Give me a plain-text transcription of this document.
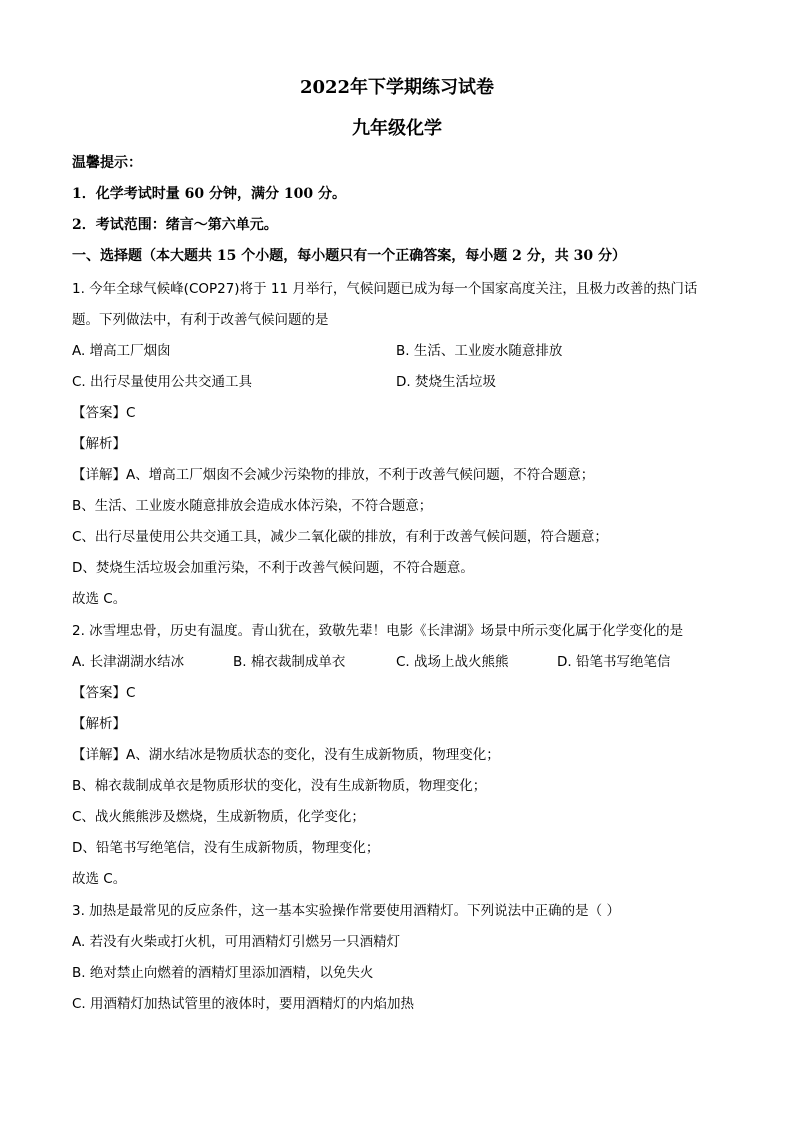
2022年下学期练习试卷
九年级化学
温馨提示：
1．化学考试时量 60 分钟，满分 100 分。
2．考试范围：绪言～第六单元。
一、选择题（本大题共 15 个小题，每小题只有一个正确答案，每小题 2 分，共 30 分）
1. 今年全球气候峰(COP27)将于 11 月举行，气候问题已成为每一个国家高度关注，且极力改善的热门话
题。下列做法中，有利于改善气候问题的是
A. 增高工厂烟囱	B. 生活、工业废水随意排放
C. 出行尽量使用公共交通工具	D. 焚烧生活垃圾
【答案】C
【解析】
【详解】A、增高工厂烟囱不会减少污染物的排放，不利于改善气候问题，不符合题意；
B、生活、工业废水随意排放会造成水体污染，不符合题意；
C、出行尽量使用公共交通工具，减少二氧化碳的排放，有利于改善气候问题，符合题意；
D、焚烧生活垃圾会加重污染，不利于改善气候问题，不符合题意。
故选 C。
2. 冰雪埋忠骨，历史有温度。青山犹在，致敬先辈！电影《长津湖》场景中所示变化属于化学变化的是
A. 长津湖湖水结冰	B. 棉衣裁制成单衣	C. 战场上战火熊熊	D. 铅笔书写绝笔信
【答案】C
【解析】
【详解】A、湖水结冰是物质状态的变化，没有生成新物质，物理变化；
B、棉衣裁制成单衣是物质形状的变化，没有生成新物质，物理变化；
C、战火熊熊涉及燃烧，生成新物质，化学变化；
D、铅笔书写绝笔信，没有生成新物质，物理变化；
故选 C。
3. 加热是最常见的反应条件，这一基本实验操作常要使用酒精灯。下列说法中正确的是（ ）
A. 若没有火柴或打火机，可用酒精灯引燃另一只酒精灯
B. 绝对禁止向燃着的酒精灯里添加酒精，以免失火
C. 用酒精灯加热试管里的液体时，要用酒精灯的内焰加热
